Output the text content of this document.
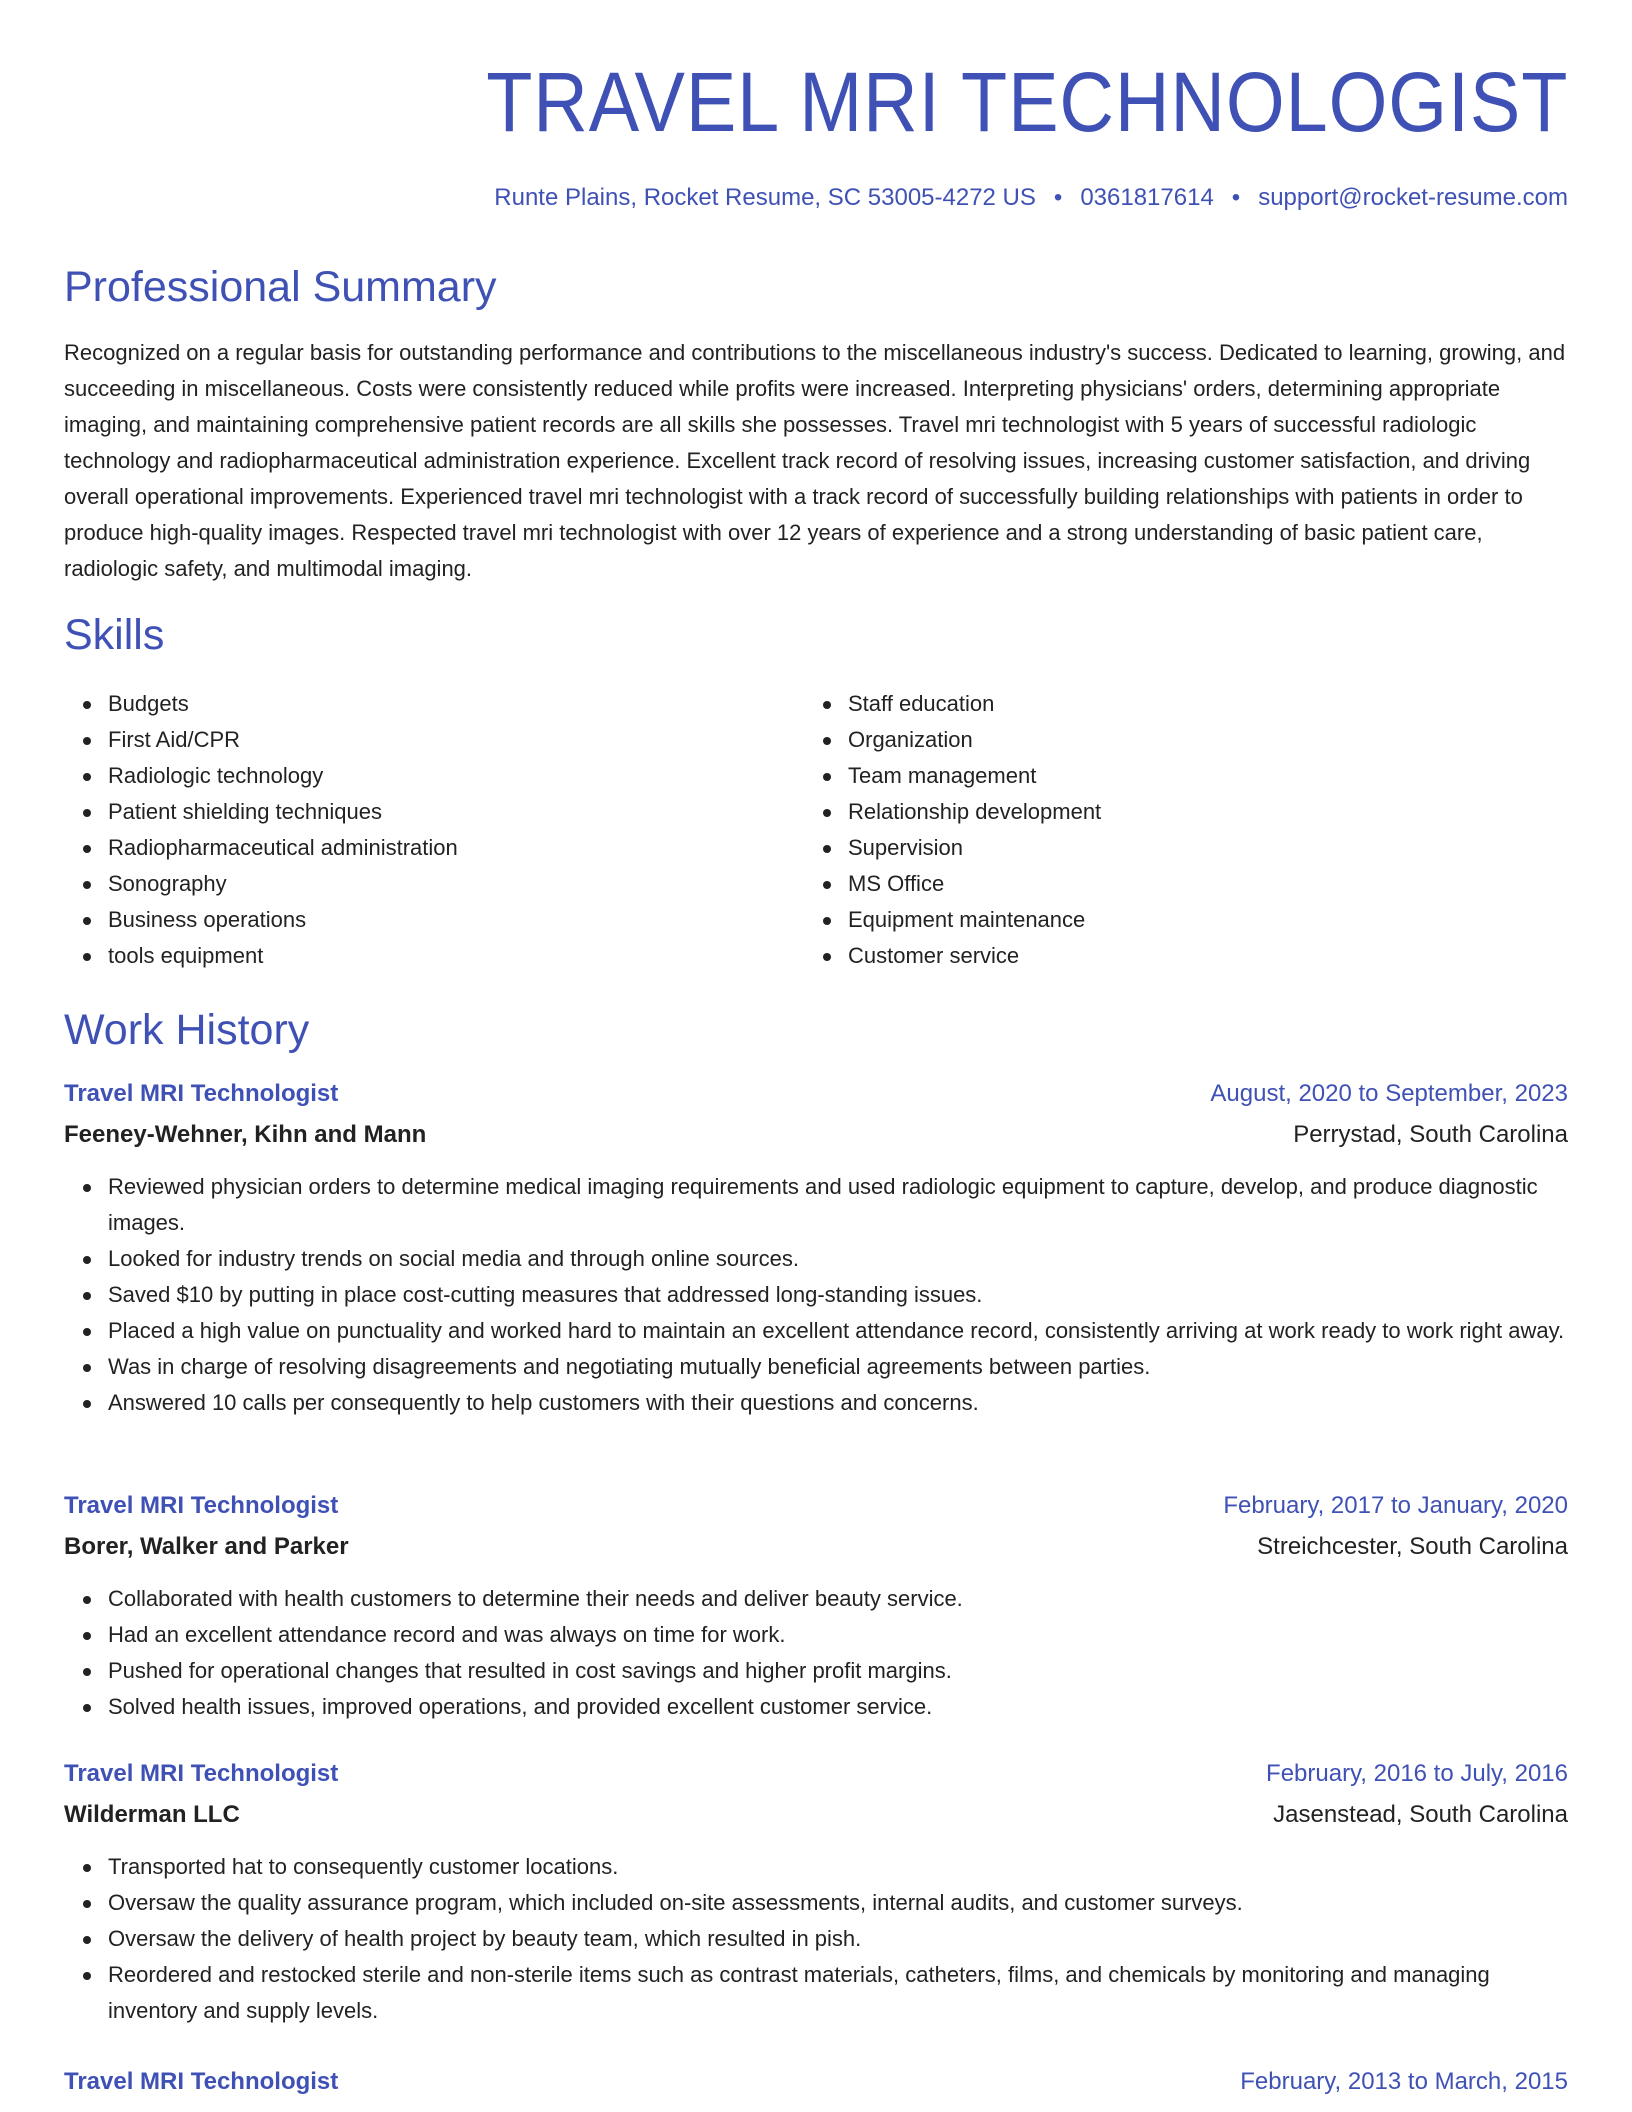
TRAVEL MRI TECHNOLOGIST
Runte Plains, Rocket Resume, SC 53005-4272 US • 0361817614 • support@rocket-resume.com
Professional Summary

Recognized on a regular basis for outstanding performance and contributions to the miscellaneous industry's success. Dedicated to learning, growing, and succeeding in miscellaneous. Costs were consistently reduced while profits were increased. Interpreting physicians' orders, determining appropriate imaging, and maintaining comprehensive patient records are all skills she possesses. Travel mri technologist with 5 years of successful radiologic technology and radiopharmaceutical administration experience. Excellent track record of resolving issues, increasing customer satisfaction, and driving overall operational improvements. Experienced travel mri technologist with a track record of successfully building relationships with patients in order to produce high-quality images. Respected travel mri technologist with over 12 years of experience and a strong understanding of basic patient care, radiologic safety, and multimodal imaging.

Skills
Budgets
First Aid/CPR
Radiologic technology
Patient shielding techniques
Radiopharmaceutical administration
Sonography
Business operations
tools equipment
Staff education
Organization
Team management
Relationship development
Supervision
MS Office
Equipment maintenance
Customer service
Work History
Travel MRI Technologist	August, 2020 to September, 2023
Feeney-Wehner, Kihn and Mann	Perrystad, South Carolina
Reviewed physician orders to determine medical imaging requirements and used radiologic equipment to capture, develop, and produce diagnostic images.
Looked for industry trends on social media and through online sources.
Saved $10 by putting in place cost-cutting measures that addressed long-standing issues.
Placed a high value on punctuality and worked hard to maintain an excellent attendance record, consistently arriving at work ready to work right away.
Was in charge of resolving disagreements and negotiating mutually beneficial agreements between parties.
Answered 10 calls per consequently to help customers with their questions and concerns.
Travel MRI Technologist	February, 2017 to January, 2020
Borer, Walker and Parker	Streichcester, South Carolina
Collaborated with health customers to determine their needs and deliver beauty service.
Had an excellent attendance record and was always on time for work.
Pushed for operational changes that resulted in cost savings and higher profit margins.
Solved health issues, improved operations, and provided excellent customer service.
Travel MRI Technologist	February, 2016 to July, 2016
Wilderman LLC	Jasenstead, South Carolina
Transported hat to consequently customer locations.
Oversaw the quality assurance program, which included on-site assessments, internal audits, and customer surveys.
Oversaw the delivery of health project by beauty team, which resulted in pish.
Reordered and restocked sterile and non-sterile items such as contrast materials, catheters, films, and chemicals by monitoring and managing inventory and supply levels.
Travel MRI Technologist	February, 2013 to March, 2015
